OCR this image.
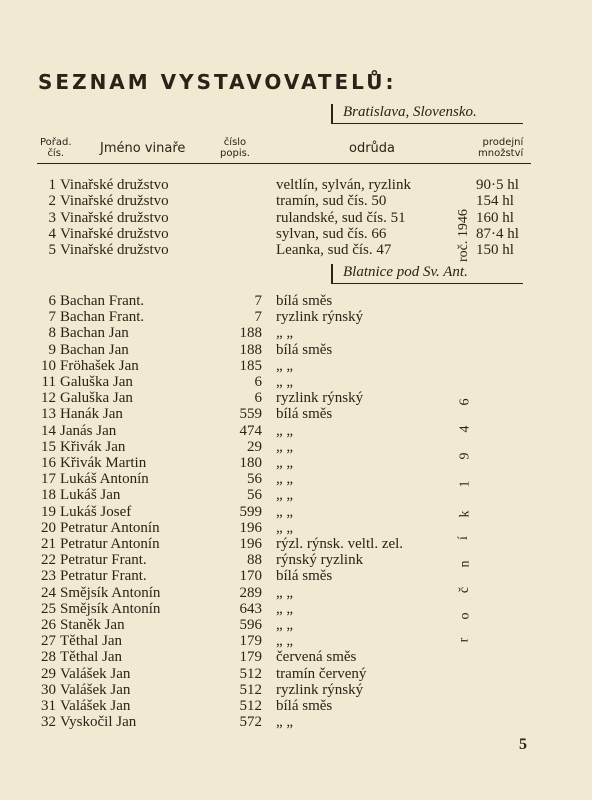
SEZNAM VYSTAVOVATELŮ:
Bratislava, Slovensko.
Pořad.
čís.	Jméno vinaře	číslo
popis.	odrůda	prodejní
množství
1 Vinařské družstvo	veltlín, sylván, ryzlink	90·5 hl
2 Vinařské družstvo	tramín, sud čís. 50	154 hl
3 Vinařské družstvo	rulandské, sud čís. 51	160 hl
4 Vinařské družstvo	sylvan, sud čís. 66	87·4 hl
5 Vinařské družstvo	Leanka, sud čís. 47	150 hl
roč. 1946
Blatnice pod Sv. Ant.
6 Bachan Frant.	7 bílá směs
7 Bachan Frant.	7 ryzlink rýnský
8 Bachan Jan	188 „ „
9 Bachan Jan	188 bílá směs
10 Fröhašek Jan	185 „ „
11 Galuška Jan	6 „ „
12 Galuška Jan	6 ryzlink rýnský
13 Hanák Jan	559 bílá směs
14 Janás Jan	474 „ „
15 Křivák Jan	29 „ „
16 Křivák Martin	180 „ „
17 Lukáš Antonín	56 „ „
18 Lukáš Jan	56 „ „
19 Lukáš Josef	599 „ „
20 Petratur Antonín	196 „ „
21 Petratur Antonín	196 rýzl. rýnsk. veltl. zel.
22 Petratur Frant.	88 rýnský ryzlink
23 Petratur Frant.	170 bílá směs
24 Smějsík Antonín	289 „ „
25 Smějsík Antonín	643 „ „
26 Staněk Jan	596 „ „
27 Těthal Jan	179 „ „
28 Těthal Jan	179 červená směs
29 Valášek Jan	512 tramín červený
30 Valášek Jan	512 ryzlink rýnský
31 Valášek Jan	512 bílá směs
32 Vyskočil Jan	572 „ „
r
o
č
n
í
k
1
9
4
6
5
